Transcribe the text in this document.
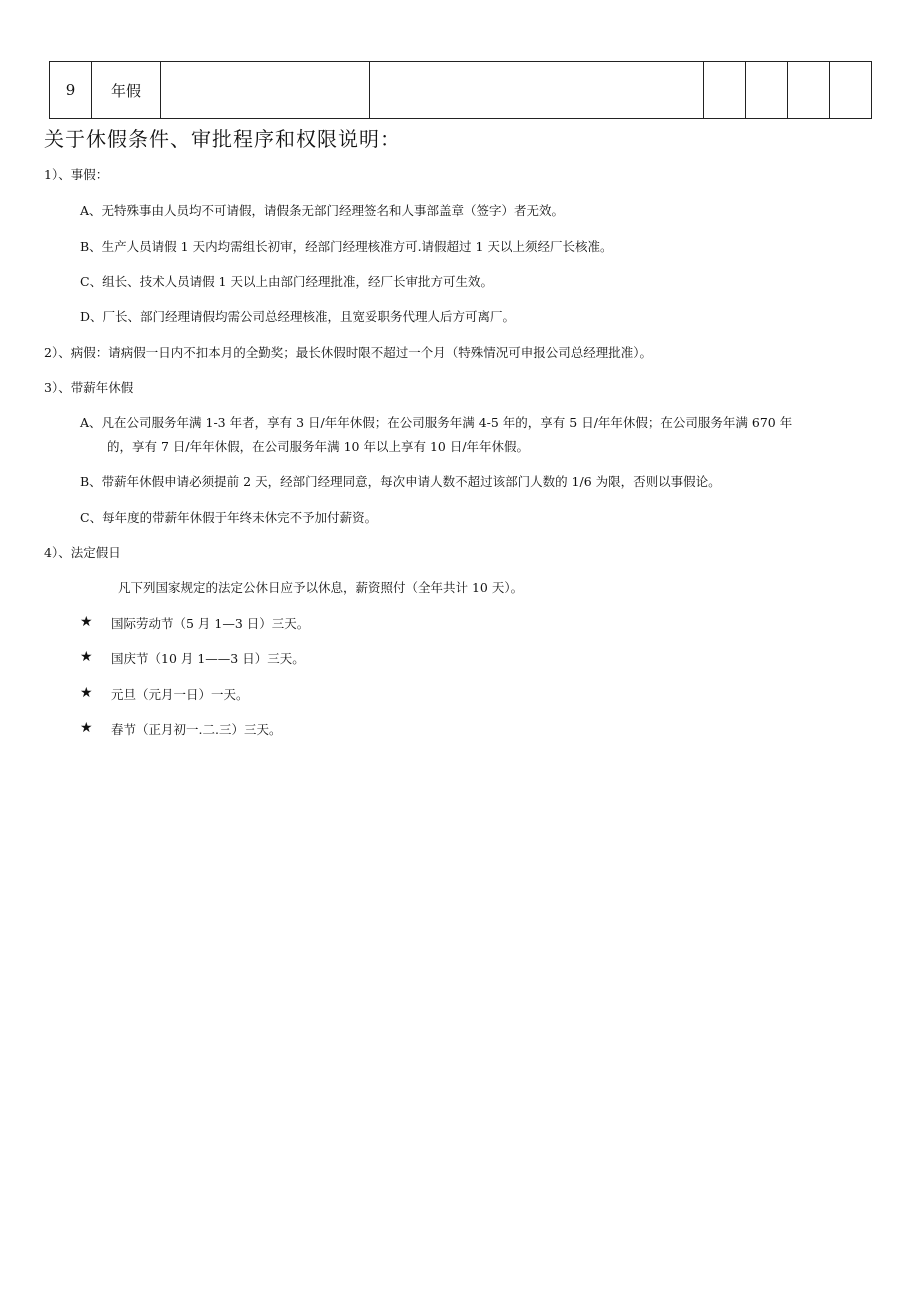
9	年假						
关于休假条件、审批程序和权限说明：
1）、事假：
A、无特殊事由人员均不可请假，请假条无部门经理签名和人事部盖章（签字）者无效。
B、生产人员请假 1 天内均需组长初审，经部门经理核准方可.请假超过 1 天以上须经厂长核准。
C、组长、技术人员请假 1 天以上由部门经理批准，经厂长审批方可生效。
D、厂长、部门经理请假均需公司总经理核准，且宽妥职务代理人后方可离厂。
2）、病假：请病假一日内不扣本月的全勤奖；最长休假时限不超过一个月（特殊情况可申报公司总经理批准）。
3）、带薪年休假
A、凡在公司服务年满 1-3 年者，享有 3 日/年年休假；在公司服务年满 4-5 年的，享有 5 日/年年休假；在公司服务年满 670 年
的，享有 7 日/年年休假，在公司服务年满 10 年以上享有 10 日/年年休假。
B、带薪年休假申请必须提前 2 天，经部门经理同意，每次申请人数不超过该部门人数的 1/6 为限，否则以事假论。
C、每年度的带薪年休假于年终未休完不予加付薪资。
4）、法定假日
凡下列国家规定的法定公休日应予以休息，薪资照付（全年共计 10 天）。
★ 国际劳动节（5 月 1—3 日）三天。
★ 国庆节（10 月 1——3 日）三天。
★ 元旦（元月一日）一天。
★ 春节（正月初一.二.三）三天。
